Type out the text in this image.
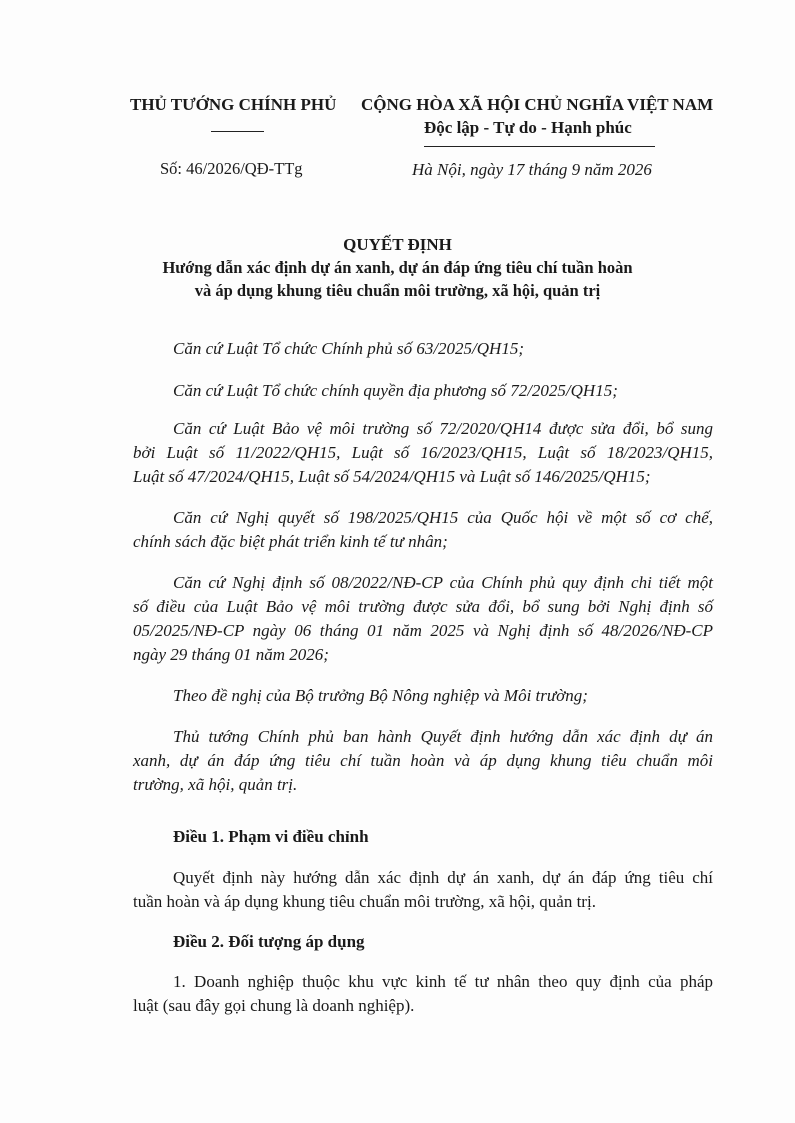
THỦ TƯỚNG CHÍNH PHỦ CỘNG HÒA XÃ HỘI CHỦ NGHĨA VIỆT NAM
Độc lập - Tự do - Hạnh phúc
Số: 46/2026/QĐ-TTg	Hà Nội, ngày 17 tháng 9 năm 2026
QUYẾT ĐỊNH
Hướng dẫn xác định dự án xanh, dự án đáp ứng tiêu chí tuần hoàn
và áp dụng khung tiêu chuẩn môi trường, xã hội, quản trị
Căn cứ Luật Tổ chức Chính phủ số 63/2025/QH15;
Căn cứ Luật Tổ chức chính quyền địa phương số 72/2025/QH15;
Căn cứ Luật Bảo vệ môi trường số 72/2020/QH14 được sửa đổi, bổ sung
bởi Luật số 11/2022/QH15, Luật số 16/2023/QH15, Luật số 18/2023/QH15,
Luật số 47/2024/QH15, Luật số 54/2024/QH15 và Luật số 146/2025/QH15;
Căn cứ Nghị quyết số 198/2025/QH15 của Quốc hội về một số cơ chế,
chính sách đặc biệt phát triển kinh tế tư nhân;
Căn cứ Nghị định số 08/2022/NĐ-CP của Chính phủ quy định chi tiết một
số điều của Luật Bảo vệ môi trường được sửa đổi, bổ sung bởi Nghị định số
05/2025/NĐ-CP ngày 06 tháng 01 năm 2025 và Nghị định số 48/2026/NĐ-CP
ngày 29 tháng 01 năm 2026;
Theo đề nghị của Bộ trưởng Bộ Nông nghiệp và Môi trường;
Thủ tướng Chính phủ ban hành Quyết định hướng dẫn xác định dự án
xanh, dự án đáp ứng tiêu chí tuần hoàn và áp dụng khung tiêu chuẩn môi
trường, xã hội, quản trị.
Điều 1. Phạm vi điều chỉnh
Quyết định này hướng dẫn xác định dự án xanh, dự án đáp ứng tiêu chí
tuần hoàn và áp dụng khung tiêu chuẩn môi trường, xã hội, quản trị.
Điều 2. Đối tượng áp dụng
1. Doanh nghiệp thuộc khu vực kinh tế tư nhân theo quy định của pháp
luật (sau đây gọi chung là doanh nghiệp).
